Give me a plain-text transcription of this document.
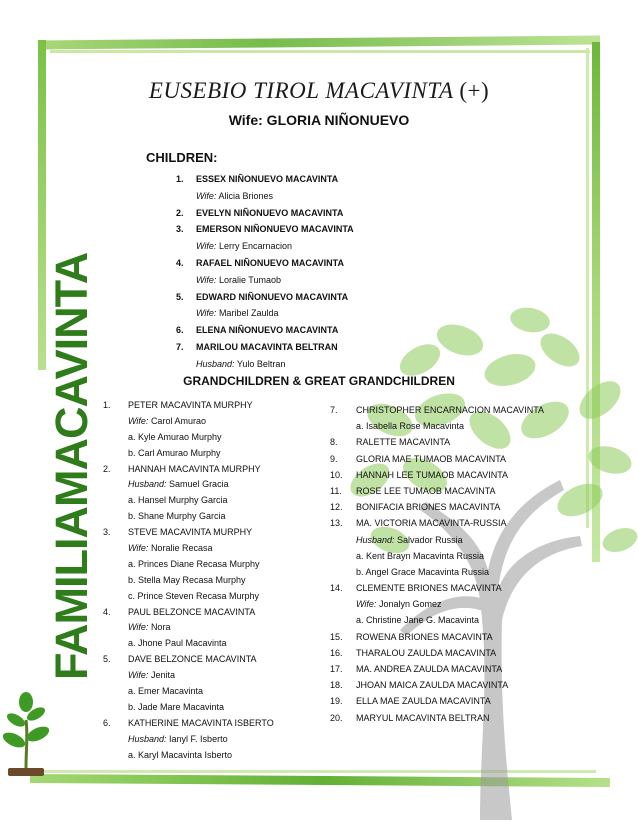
FAMILIAMACAVINTA
EUSEBIO TIROL MACAVINTA (+)
Wife: GLORIA NIÑONUEVO
CHILDREN:
1. ESSEX NIÑONUEVO MACAVINTA
Wife: Alicia Briones
2. EVELYN NIÑONUEVO MACAVINTA
3. EMERSON NIÑONUEVO MACAVINTA
Wife: Lerry Encarnacion
4. RAFAEL NIÑONUEVO MACAVINTA
Wife: Loralie Tumaob
5. EDWARD NIÑONUEVO MACAVINTA
Wife: Maribel Zaulda
6. ELENA NIÑONUEVO MACAVINTA
7. MARILOU MACAVINTA BELTRAN
Husband: Yulo Beltran
GRANDCHILDREN & GREAT GRANDCHILDREN
1. PETER MACAVINTA MURPHY
Wife: Carol Amurao
a. Kyle Amurao Murphy
b. Carl Amurao Murphy
2. HANNAH MACAVINTA MURPHY
Husband: Samuel Gracia
a. Hansel Murphy Garcia
b. Shane Murphy Garcia
3. STEVE MACAVINTA MURPHY
Wife: Noralie Recasa
a. Princes Diane Recasa Murphy
b. Stella May Recasa Murphy
c. Prince Steven Recasa Murphy
4. PAUL BELZONCE MACAVINTA
Wife: Nora
a. Jhone Paul Macavinta
5. DAVE BELZONCE MACAVINTA
Wife: Jenita
a. Emer Macavinta
b. Jade Mare Macavinta
6. KATHERINE MACAVINTA ISBERTO
Husband: Ianyl F. Isberto
a. Karyl Macavinta Isberto
7. CHRISTOPHER ENCARNACION MACAVINTA
a. Isabella Rose Macavinta
8. RALETTE MACAVINTA
9. GLORIA MAE TUMAOB MACAVINTA
10. HANNAH LEE TUMAOB MACAVINTA
11. ROSE LEE TUMAOB MACAVINTA
12. BONIFACIA BRIONES MACAVINTA
13. MA. VICTORIA MACAVINTA-RUSSIA
Husband: Salvador Russia
a. Kent Brayn Macavinta Russia
b. Angel Grace Macavinta Russia
14. CLEMENTE BRIONES MACAVINTA
Wife: Jonalyn Gomez
a. Christine Jane G. Macavinta
15. ROWENA BRIONES MACAVINTA
16. THARALOU ZAULDA MACAVINTA
17. MA. ANDREA ZAULDA MACAVINTA
18. JHOAN MAICA ZAULDA MACAVINTA
19. ELLA MAE ZAULDA MACAVINTA
20. MARYUL MACAVINTA BELTRAN
